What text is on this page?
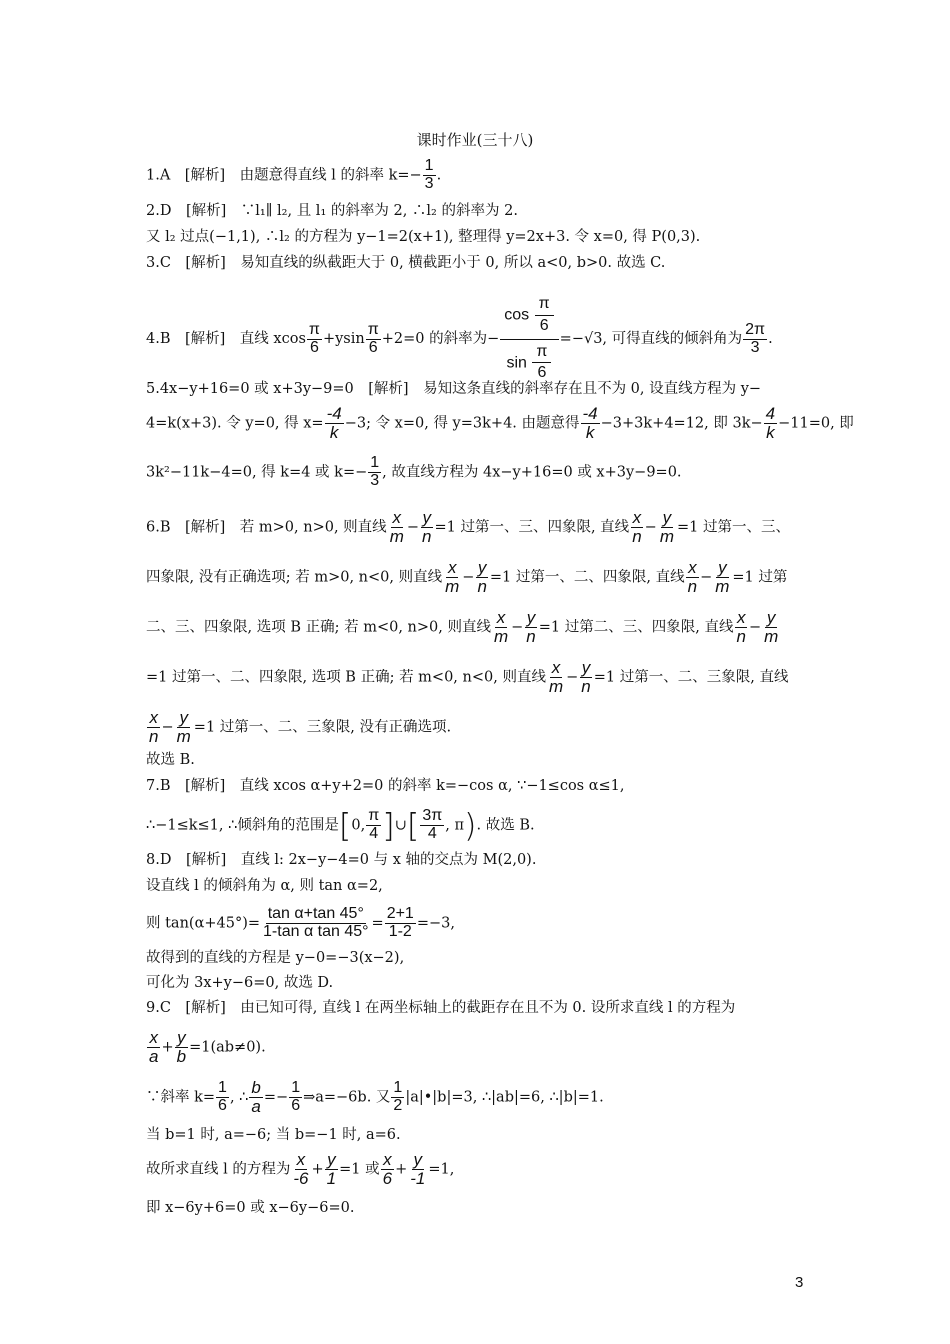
课时作业(三十八)
1.A　[解析]　由题意得直线 l 的斜率 $k=- \frac{1}{3}$ .
2.D　[解析]　∵l₁∥ l₂, 且 l₁ 的斜率为 2, ∴l₂ 的斜率为 2.
又 l₂ 过点(−1,1), ∴l₂ 的方程为 y−1=2(x+1), 整理得 y=2x+3. 令 x=0, 得 P(0,3).
3.C　[解析]　易知直线的纵截距大于 0, 横截距小于 0, 所以 a<0, b>0. 故选 C.
4.B　[解析]　直线 xcos $\frac{\pi}{6} +ysin \frac{\pi}{6} +2=0$ 的斜率为− $\frac{\cos \frac{\pi}{6}}{\sin \frac{\pi}{6}} =-√3$, 可得直线的倾斜角为 $\frac{2\pi}{3}$ .
5.4x−y+16=0 或 x+3y−9=0　[解析]　易知这条直线的斜率存在且不为 0, 设直线方程为 y−
4=k(x+3). 令 y=0, 得 $x= \frac{-4}{k} -3$; 令 x=0, 得 y=3k+4. 由题意得 $\frac{-4}{k} -3+3k+4=12$, 即 $3k- \frac{4}{k} -11=0$, 即
3k²−11k−4=0, 得 k=4 或 $k=- \frac{1}{3}$ , 故直线方程为 4x−y+16=0 或 x+3y−9=0.
6.B　[解析]　若 m>0, n>0, 则直线 $\frac{x}{m} - \frac{y}{n} =1$ 过第一、三、四象限, 直线 $\frac{x}{n} - \frac{y}{m} =1$ 过第一、三、
四象限, 没有正确选项; 若 m>0, n<0, 则直线 $\frac{x}{m} - \frac{y}{n} =1$ 过第一、二、四象限, 直线 $\frac{x}{n} - \frac{y}{m} =1$ 过第
二、三、四象限, 选项 B 正确; 若 m<0, n>0, 则直线 $\frac{x}{m} - \frac{y}{n} =1$ 过第二、三、四象限, 直线 $\frac{x}{n} - \frac{y}{m}$
=1 过第一、二、四象限, 选项 B 正确; 若 m<0, n<0, 则直线 $\frac{x}{m} - \frac{y}{n} =1$ 过第一、二、三象限, 直线
$\frac{x}{n} - \frac{y}{m} =1$ 过第一、二、三象限, 没有正确选项.
故选 B.
7.B　[解析]　直线 xcos α+y+2=0 的斜率 k=−cos α, ∵−1≤cos α≤1,
∴−1≤k≤1, ∴倾斜角的范围是[0, $\frac{\pi}{4}$ ]∪[ $\frac{3\pi}{4}$ , π). 故选 B.
8.D　[解析]　直线 l: 2x−y−4=0 与 x 轴的交点为 M(2,0).
设直线 l 的倾斜角为 α, 则 tan α=2,
则 $\tan(\alpha+45^\circ)= \frac{\text{tan α+tan 45°}}{\text{1-tan α tan 45°}} = \frac{2+1}{1-2} =-3$,
故得到的直线的方程是 y−0=−3(x−2),
可化为 3x+y−6=0, 故选 D.
9.C　[解析]　由已知可得, 直线 l 在两坐标轴上的截距存在且不为 0. 设所求直线 l 的方程为
$\frac{x}{a} + \frac{y}{b} =1(ab\ne 0)$.
∵斜率 $k= \frac{1}{6}$ , ∴ $\frac{b}{a} =- \frac{1}{6}$ ⇒a=−6b. 又 $\frac{1}{2}$ |a|•|b|=3, ∴|ab|=6, ∴|b|=1.
当 b=1 时, a=−6; 当 b=−1 时, a=6.
故所求直线 l 的方程为 $\frac{x}{-6} + \frac{y}{1} =1$ 或 $\frac{x}{6} + \frac{y}{-1} =1$,
即 x−6y+6=0 或 x−6y−6=0.
3
